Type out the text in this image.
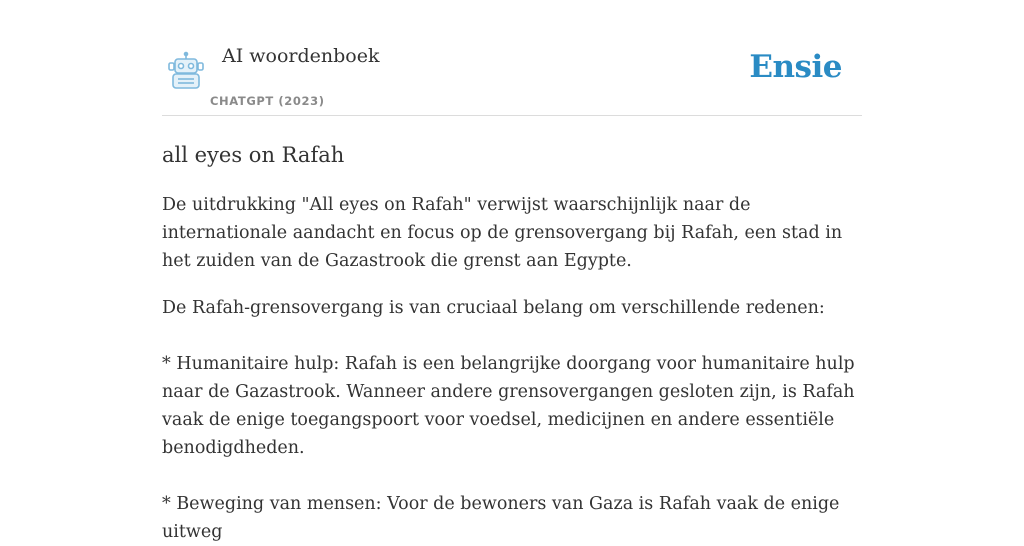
AI woordenboek
CHATGPT (2023)
Ensie
all eyes on Rafah

De uitdrukking "All eyes on Rafah" verwijst waarschijnlijk naar de internationale aandacht en focus op de grensovergang bij Rafah, een stad in het zuiden van de Gazastrook die grenst aan Egypte.

De Rafah-grensovergang is van cruciaal belang om verschillende redenen:

* Humanitaire hulp: Rafah is een belangrijke doorgang voor humanitaire hulp naar de Gazastrook. Wanneer andere grensovergangen gesloten zijn, is Rafah vaak de enige toegangspoort voor voedsel, medicijnen en andere essentiële benodigdheden.

* Beweging van mensen: Voor de bewoners van Gaza is Rafah vaak de enige uitweg
